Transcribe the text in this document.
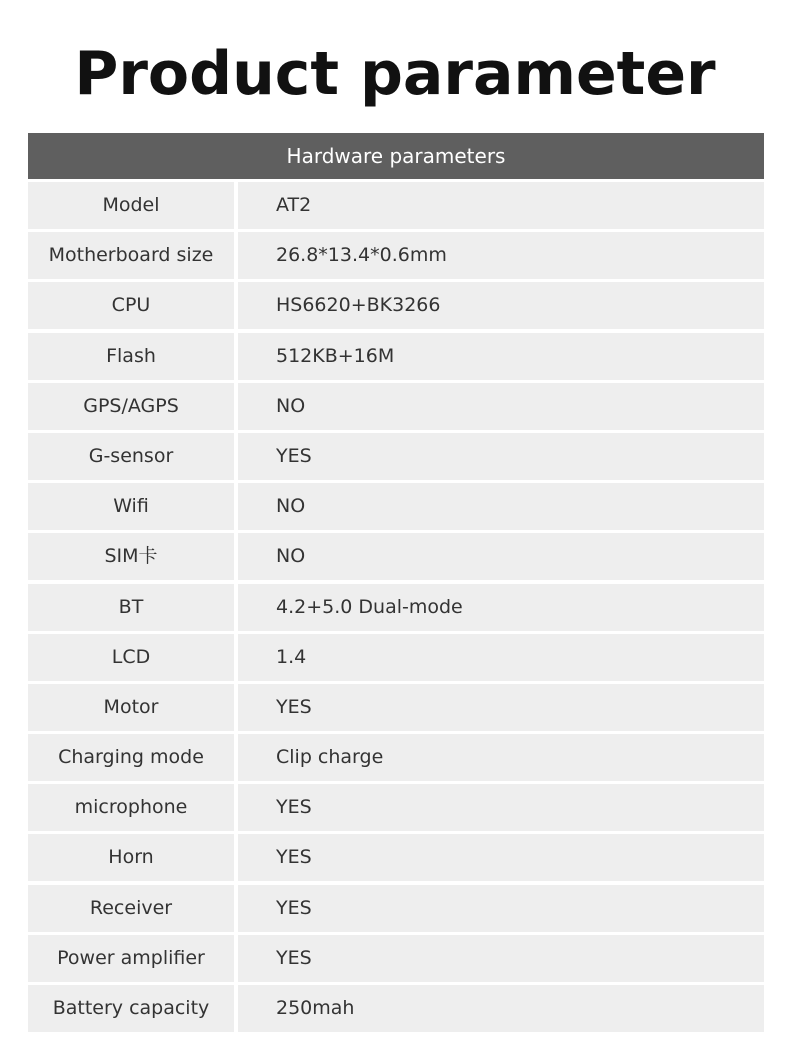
Product parameter
Hardware parameters
Model	AT2
Motherboard size	26.8*13.4*0.6mm
CPU	HS6620+BK3266
Flash	512KB+16M
GPS/AGPS	NO
G-sensor	YES
Wifi	NO
SIM卡	NO
BT	4.2+5.0 Dual-mode
LCD	1.4
Motor	YES
Charging mode	Clip charge
microphone	YES
Horn	YES
Receiver	YES
Power amplifier	YES
Battery capacity	250mah
